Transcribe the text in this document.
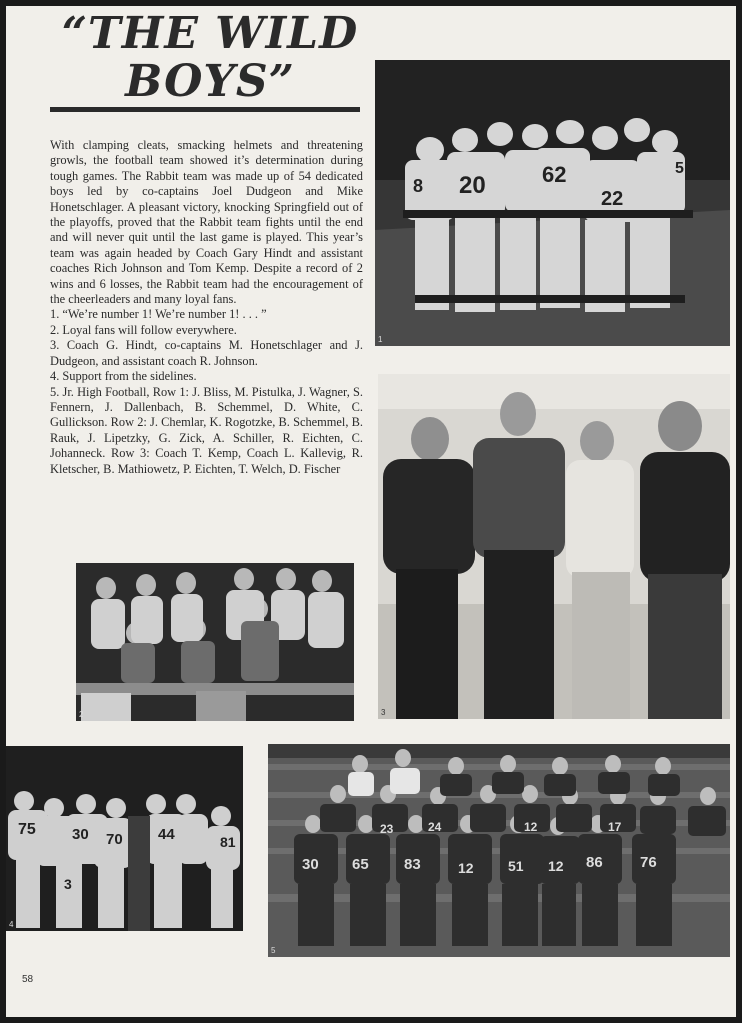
“THE WILD
BOYS”

With clamping cleats, smacking helmets and threatening growls, the football team showed it’s determination during tough games. The Rabbit team was made up of 54 dedicated boys led by co-captains Joel Dudgeon and Mike Honetschlager. A pleasant victory, knocking Springfield out of the playoffs, proved that the Rabbit team fights until the end and will never quit until the last game is played. This year’s team was again headed by Coach Gary Hindt and assistant coaches Rich Johnson and Tom Kemp. Despite a record of 2 wins and 6 losses, the Rabbit team had the encouragement of the cheerleaders and many loyal fans.

1. “We’re number 1! We’re number 1! . . . ”

2. Loyal fans will follow everywhere.

3. Coach G. Hindt, co-captains M. Honetschlager and J. Dudgeon, and assistant coach R. Johnson.

4. Support from the sidelines.

5. Jr. High Football, Row 1: J. Bliss, M. Pistulka, J. Wagner, S. Fennern, J. Dallenbach, B. Schemmel, D. White, C. Gullickson. Row 2: J. Chemlar, K. Rogotzke, B. Schemmel, B. Rauk, J. Lipetzky, G. Zick, A. Schiller, R. Eichten, C. Johanneck. Row 3: Coach T. Kemp, Coach L. Kallevig, R. Kletscher, B. Mathiowetz, P. Eichten, T. Welch, D. Fischer

8 20	62
22
5
1
3
2
75 30 70 44	81
3
4
30 65 83	12 51 12 86 76
24
23	12	17
5
58
